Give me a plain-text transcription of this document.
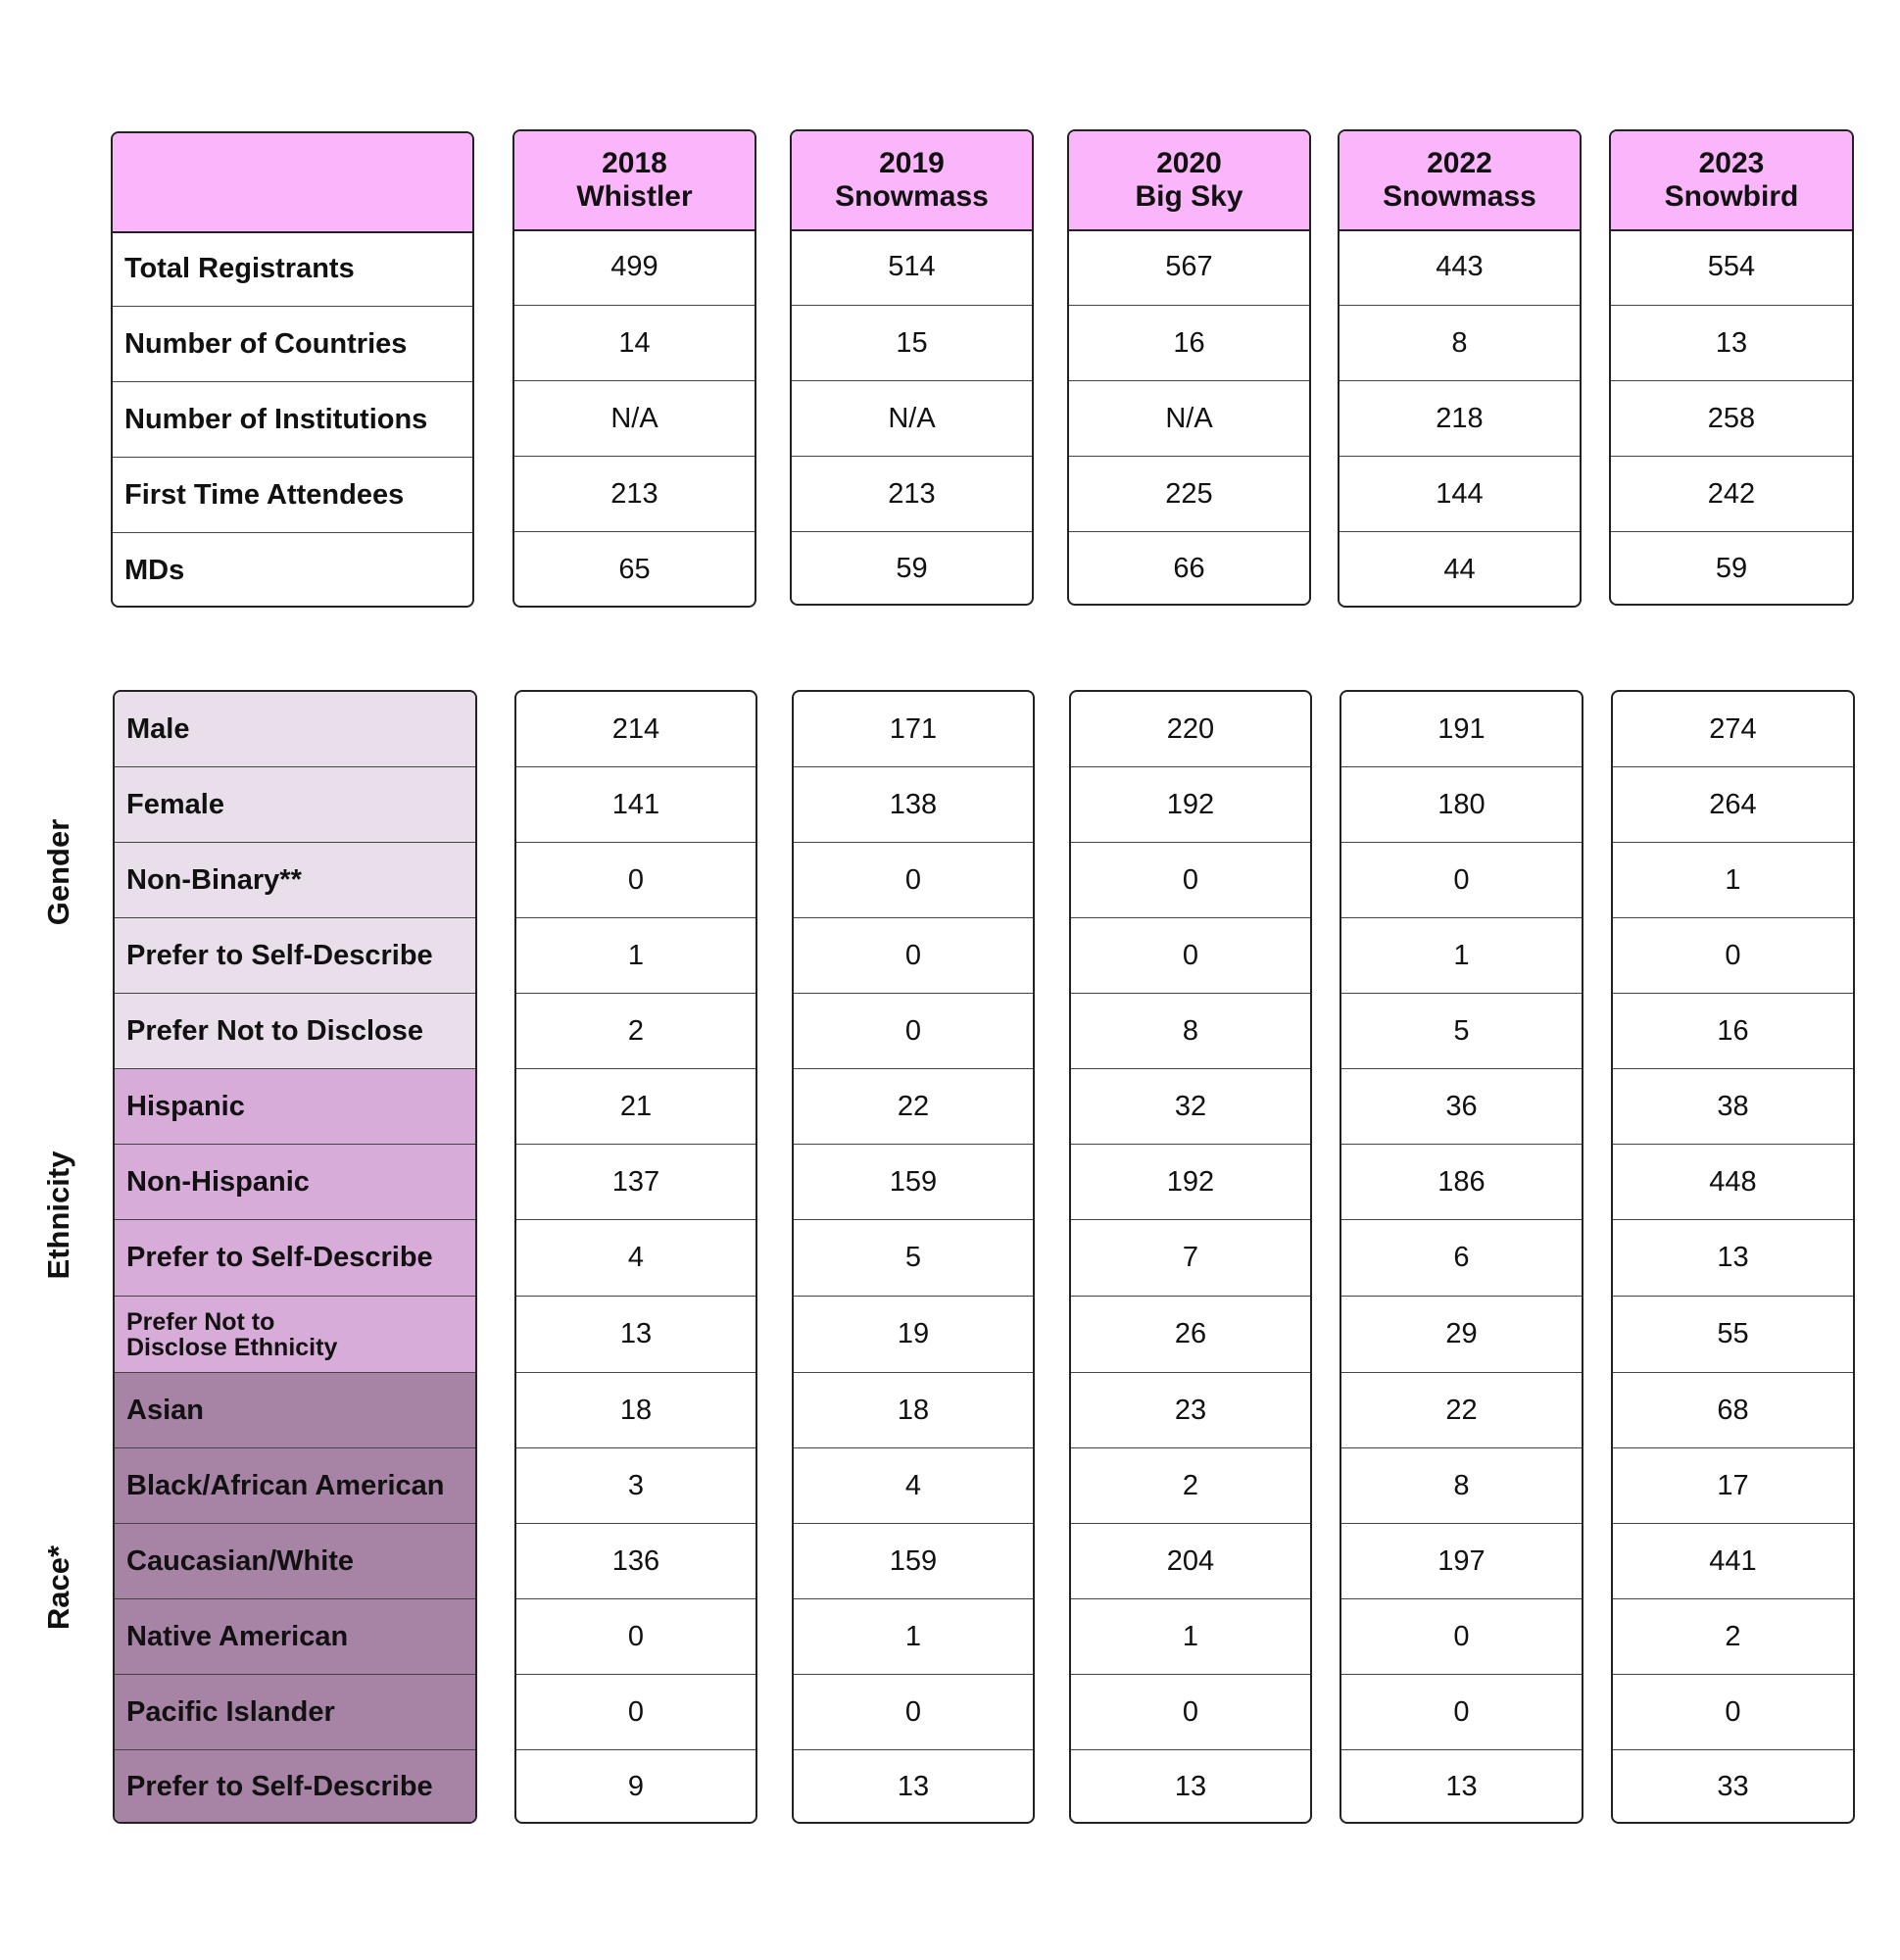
Total Registrants
Number of Countries
Number of Institutions
First Time Attendees
MDs
2018
Whistler
499
14
N/A
213
65
2019
Snowmass
514
15
N/A
213
59
2020
Big Sky
567
16
N/A
225
66
2022
Snowmass
443
8
218
144
44
2023
Snowbird
554
13
258
242
59
Gender
Ethnicity
Race*
Male
Female
Non-Binary**
Prefer to Self-Describe
Prefer Not to Disclose
Hispanic
Non-Hispanic
Prefer to Self-Describe
Prefer Not to
Disclose Ethnicity
Asian
Black/African American
Caucasian/White
Native American
Pacific Islander
Prefer to Self-Describe
214
141
0
1
2
21
137
4
13
18
3
136
0
0
9
171
138
0
0
0
22
159
5
19
18
4
159
1
0
13
220
192
0
0
8
32
192
7
26
23
2
204
1
0
13
191
180
0
1
5
36
186
6
29
22
8
197
0
0
13
274
264
1
0
16
38
448
13
55
68
17
441
2
0
33
